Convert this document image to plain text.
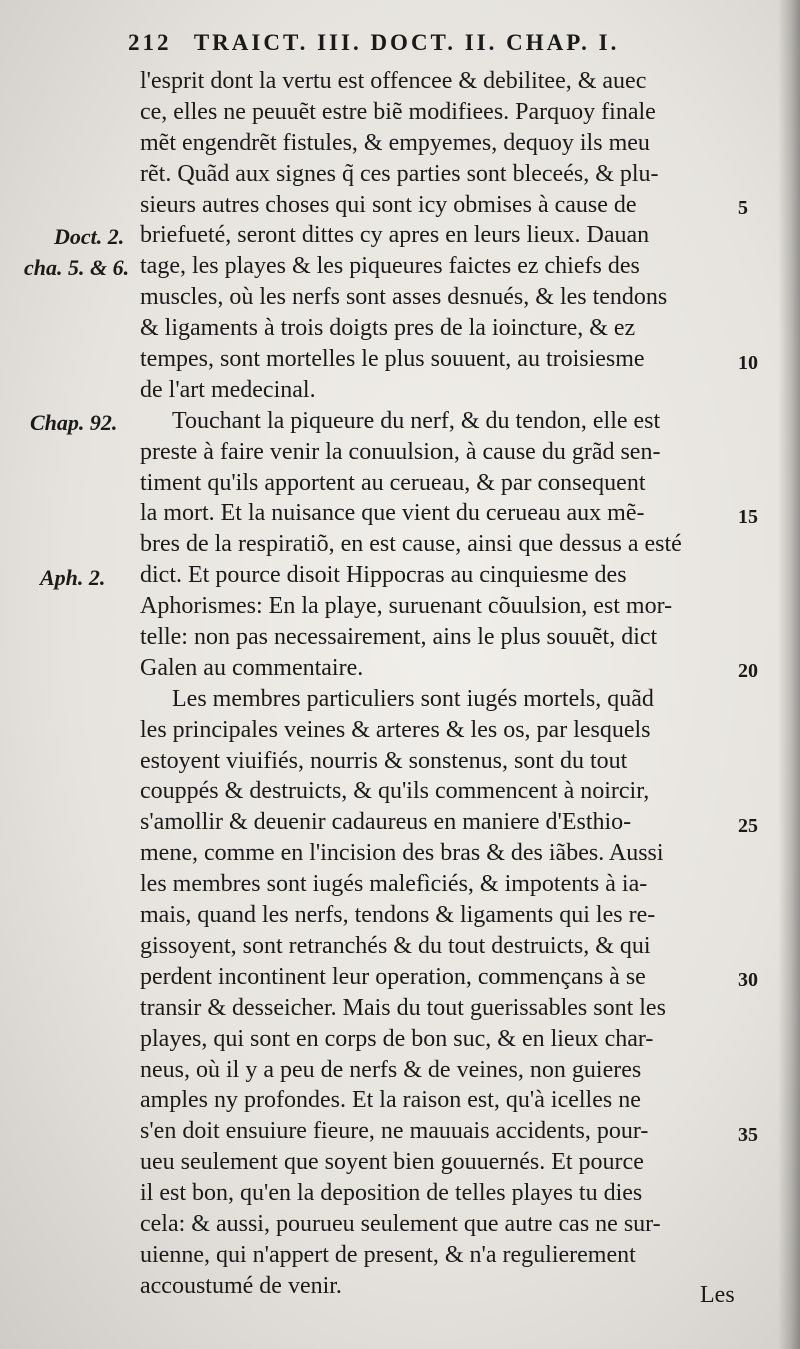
212 TRAICT. III. DOCT. II. CHAP. I.
Doct. 2.
cha. 5. & 6.
Chap. 92.
Aph. 2.
5
10
15
20
25
30
35
l'esprit dont la vertu est offencee & debilitee, & auec
ce, elles ne peuuẽt estre biẽ modifiees. Parquoy finale
mẽt engendrẽt fistules, & empyemes, dequoy ils meu
rẽt. Quãd aux signes q̃ ces parties sont bleceés, & plu-
sieurs autres choses qui sont icy obmises à cause de
briefueté, seront dittes cy apres en leurs lieux. Dauan
tage, les playes & les piqueures faictes ez chiefs des
muscles, où les nerfs sont asses desnués, & les tendons
& ligaments à trois doigts pres de la ioincture, & ez
tempes, sont mortelles le plus souuent, au troisiesme
de l'art medecinal.
Touchant la piqueure du nerf, & du tendon, elle est
preste à faire venir la conuulsion, à cause du grãd sen-
timent qu'ils apportent au cerueau, & par consequent
la mort. Et la nuisance que vient du cerueau aux mẽ-
bres de la respiratiõ, en est cause, ainsi que dessus a esté
dict. Et pource disoit Hippocras au cinquiesme des
Aphorismes: En la playe, suruenant cõuulsion, est mor-
telle: non pas necessairement, ains le plus souuẽt, dict
Galen au commentaire.
Les membres particuliers sont iugés mortels, quãd
les principales veines & arteres & les os, par lesquels
estoyent viuifiés, nourris & sonstenus, sont du tout
couppés & destruicts, & qu'ils commencent à noircir,
s'amollir & deuenir cadaureus en maniere d'Esthio-
mene, comme en l'incision des bras & des iãbes. Aussi
les membres sont iugés malefìciés, & impotents à ia-
mais, quand les nerfs, tendons & ligaments qui les re-
gissoyent, sont retranchés & du tout destruicts, & qui
perdent incontinent leur operation, commençans à se
transir & desseicher. Mais du tout guerissables sont les
playes, qui sont en corps de bon suc, & en lieux char-
neus, où il y a peu de nerfs & de veines, non guieres
amples ny profondes. Et la raison est, qu'à icelles ne
s'en doit ensuiure fieure, ne mauuais accidents, pour-
ueu seulement que soyent bien gouuernés. Et pource
il est bon, qu'en la deposition de telles playes tu dies
cela: & aussi, pourueu seulement que autre cas ne sur-
uienne, qui n'appert de present, & n'a regulierement
accoustumé de venir.	Les
